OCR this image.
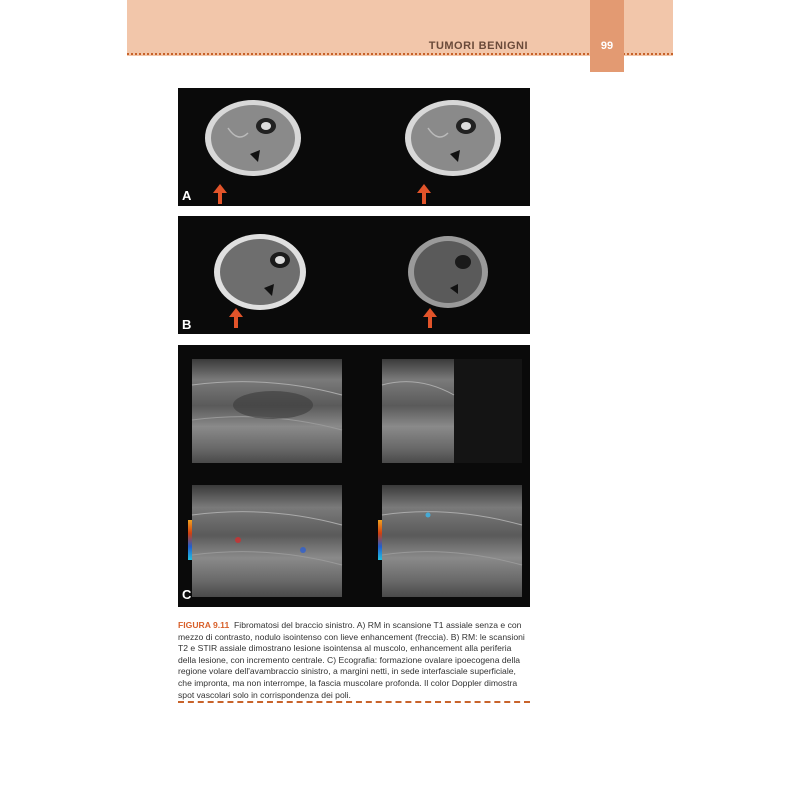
TUMORI BENIGNI	99
A
B
C
FIGURA 9.11 Fibromatosi del braccio sinistro. A) RM in scansione T1 assiale senza e con mezzo di contrasto, nodulo isointenso con lieve enhancement (freccia). B) RM: le scansioni T2 e STIR assiale dimostrano lesione isointensa al muscolo, enhancement alla periferia della lesione, con incremento centrale. C) Ecografia: formazione ovalare ipoecogena della regione volare dell'avambraccio sinistro, a margini netti, in sede interfasciale superficiale, che impronta, ma non interrompe, la fascia muscolare profonda. Il color Doppler dimostra spot vascolari solo in corrispondenza dei poli.
